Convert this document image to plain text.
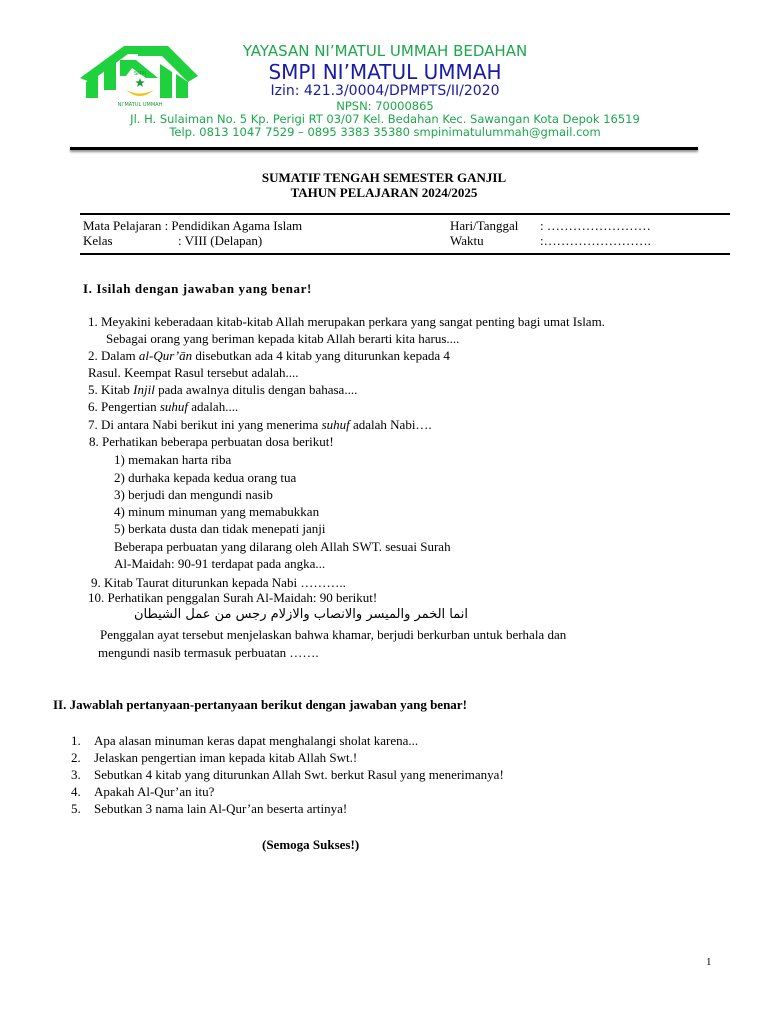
SMPI
NI’MATUL UMMAH
YAYASAN NI’MATUL UMMAH BEDAHAN
SMPI NI’MATUL UMMAH
Izin: 421.3/0004/DPMPTS/II/2020
NPSN: 70000865
Jl. H. Sulaiman No. 5 Kp. Perigi RT 03/07 Kel. Bedahan Kec. Sawangan Kota Depok 16519
Telp. 0813 1047 7529 – 0895 3383 35380 smpinimatulummah@gmail.com
SUMATIF TENGAH SEMESTER GANJIL
TAHUN PELAJARAN 2024/2025
Mata Pelajaran : Pendidikan Agama Islam
Kelas	: VIII (Delapan)
Hari/Tanggal : ……………………
Waktu	:…………………….
I. Isilah dengan jawaban yang benar!
1. Meyakini keberadaan kitab-kitab Allah merupakan perkara yang sangat penting bagi umat Islam.
Sebagai orang yang beriman kepada kitab Allah berarti kita harus....
2. Dalam al-Qur’ān disebutkan ada 4 kitab yang diturunkan kepada 4
Rasul. Keempat Rasul tersebut adalah....
5. Kitab Injil pada awalnya ditulis dengan bahasa....
6. Pengertian suhuf adalah....
7. Di antara Nabi berikut ini yang menerima suhuf adalah Nabi….
8. Perhatikan beberapa perbuatan dosa berikut!
1) memakan harta riba
2) durhaka kepada kedua orang tua
3) berjudi dan mengundi nasib
4) minum minuman yang memabukkan
5) berkata dusta dan tidak menepati janji
Beberapa perbuatan yang dilarang oleh Allah SWT. sesuai Surah
Al-Maidah: 90-91 terdapat pada angka...
9. Kitab Taurat diturunkan kepada Nabi ………..
10. Perhatikan penggalan Surah Al-Maidah: 90 berikut!
انما الخمر والميسر والانصاب والازلام رجس من عمل الشيطان
Penggalan ayat tersebut menjelaskan bahwa khamar, berjudi berkurban untuk berhala dan
mengundi nasib termasuk perbuatan …….
II. Jawablah pertanyaan-pertanyaan berikut dengan jawaban yang benar!
1. Apa alasan minuman keras dapat menghalangi sholat karena...
2. Jelaskan pengertian iman kepada kitab Allah Swt.!
3. Sebutkan 4 kitab yang diturunkan Allah Swt. berkut Rasul yang menerimanya!
4. Apakah Al-Qur’an itu?
5. Sebutkan 3 nama lain Al-Qur’an beserta artinya!
(Semoga Sukses!)
1
